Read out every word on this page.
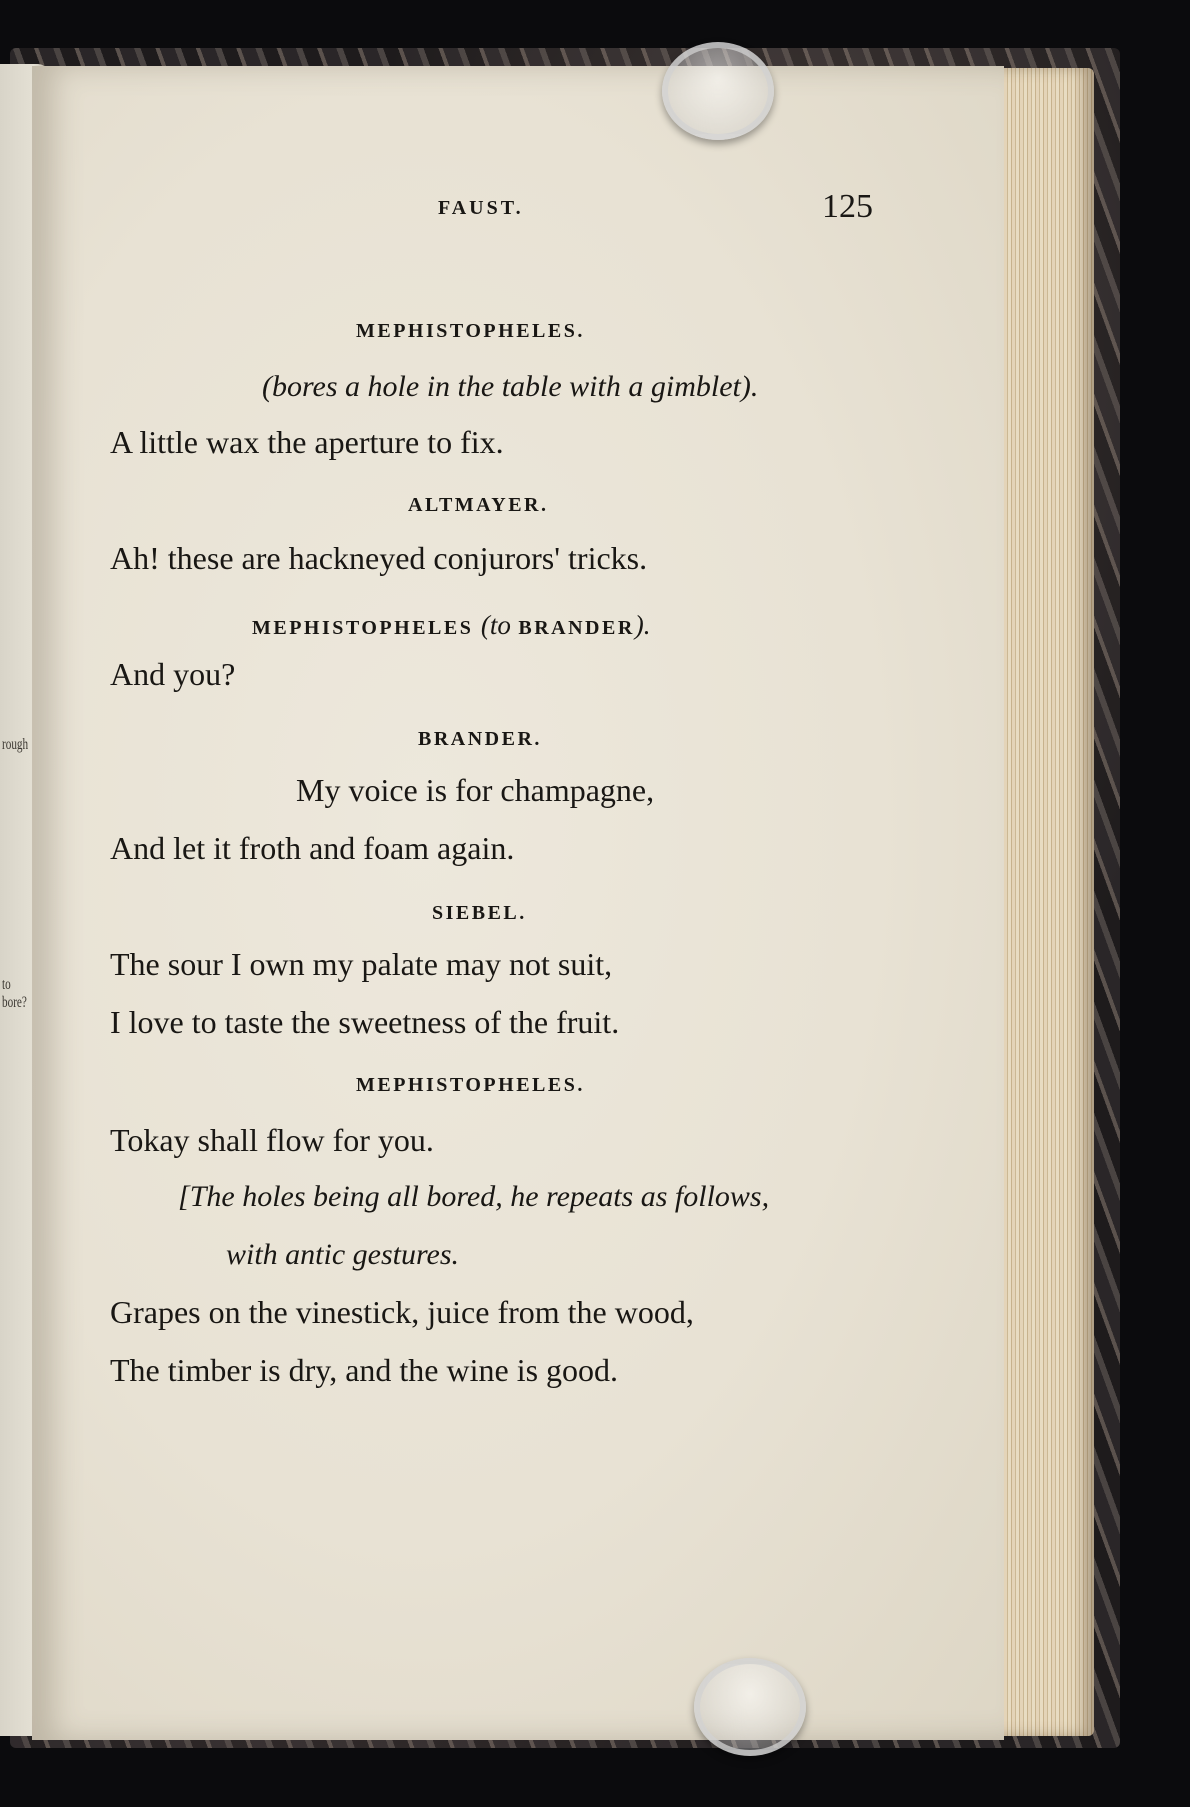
rough
to bore?
FAUST.	125
MEPHISTOPHELES.
(bores a hole in the table with a gimblet).
A little wax the aperture to fix.
ALTMAYER.
Ah! these are hackneyed conjurors' tricks.
MEPHISTOPHELES (to BRANDER).
And you?
BRANDER.
My voice is for champagne,
And let it froth and foam again.
SIEBEL.
The sour I own my palate may not suit,
I love to taste the sweetness of the fruit.
MEPHISTOPHELES.
Tokay shall flow for you.
[The holes being all bored, he repeats as follows,
with antic gestures.
Grapes on the vinestick, juice from the wood,
The timber is dry, and the wine is good.
